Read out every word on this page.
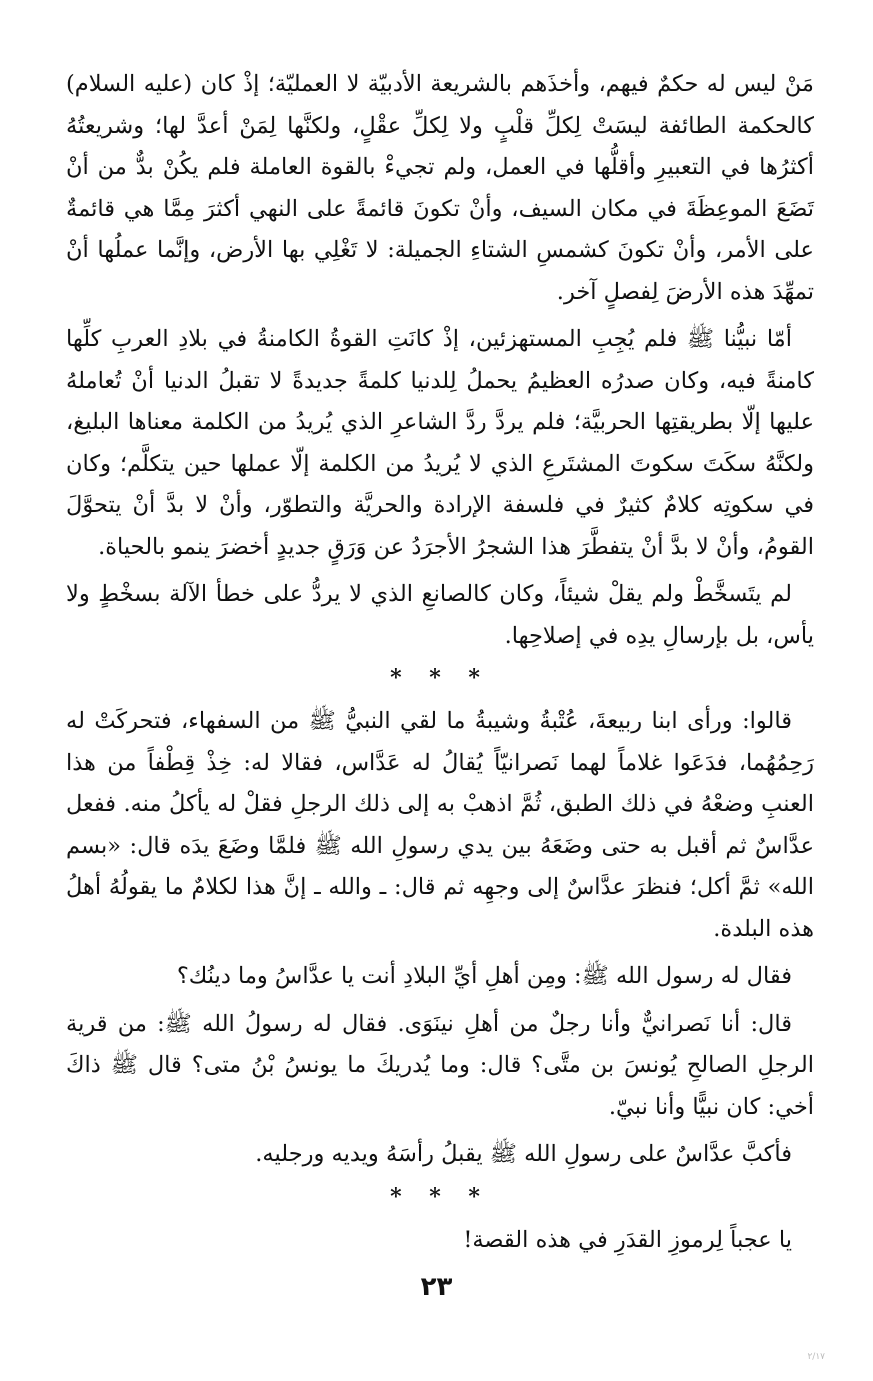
مَنْ ليس له حكمٌ فيهم، وأخذَهم بالشريعة الأدبيّة لا العمليّة؛ إذْ كان (عليه السلام) كالحكمة الطائفة ليسَتْ لِكلِّ قلْبٍ ولا لِكلِّ عقْلٍ، ولكنَّها لِمَنْ أعدَّ لها؛ وشريعتُهُ أكثرُها في التعبيرِ وأقلُّها في العمل، ولم تجيءْ بالقوة العاملة فلم يكُنْ بدٌّ من أنْ تَضَعَ الموعِظَةَ في مكان السيف، وأنْ تكونَ قائمةً على النهي أكثرَ مِمَّا هي قائمةٌ على الأمر، وأنْ تكونَ كشمسِ الشتاءِ الجميلة: لا تَغْلِي بها الأرض، وإنَّما عملُها أنْ تمهِّدَ هذه الأرضَ لِفصلٍ آخر.

أمّا نبيُّنا ﷺ فلم يُجِبِ المستهزئين، إذْ كانَتِ القوةُ الكامنةُ في بلادِ العربِ كلِّها كامنةً فيه، وكان صدرُه العظيمُ يحملُ لِلدنيا كلمةً جديدةً لا تقبلُ الدنيا أنْ تُعاملهُ عليها إلّا بطريقتِها الحربيَّة؛ فلم يردَّ ردَّ الشاعرِ الذي يُريدُ من الكلمة معناها البليغ، ولكنَّهُ سكَتَ سكوتَ المشتَرعِ الذي لا يُريدُ من الكلمة إلّا عملها حين يتكلَّم؛ وكان في سكوتِه كلامٌ كثيرٌ في فلسفة الإرادة والحريَّة والتطوّر، وأنْ لا بدَّ أنْ يتحوَّلَ القومُ، وأنْ لا بدَّ أنْ يتفطَّرَ هذا الشجرُ الأجرَدُ عن وَرَقٍ جديدٍ أخضرَ ينمو بالحياة.

لم يتَسخَّطْ ولم يقلْ شيئاً، وكان كالصانعِ الذي لا يردُّ على خطأ الآلة بسخْطٍ ولا يأس، بل بإرسالِ يدِه في إصلاحِها.

* * *

قالوا: ورأى ابنا ربيعةَ، عُتْبةُ وشيبةُ ما لقي النبيُّ ﷺ من السفهاء، فتحركَتْ له رَحِمُهُما، فدَعَوا غلاماً لهما نَصرانيّاً يُقالُ له عَدَّاس، فقالا له: خِذْ قِطْفاً من هذا العنبِ وضعْهُ في ذلك الطبق، ثُمَّ اذهبْ به إلى ذلك الرجلِ فقلْ له يأكلُ منه. ففعل عدَّاسٌ ثم أقبل به حتى وضَعَهُ بين يدي رسولِ الله ﷺ فلمَّا وضَعَ يدَه قال: «بسم الله» ثمَّ أكل؛ فنظرَ عدَّاسٌ إلى وجهِه ثم قال: ـ والله ـ إنَّ هذا لكلامٌ ما يقولُهُ أهلُ هذه البلدة.

فقال له رسول الله ﷺ: ومِن أهلِ أيِّ البلادِ أنت يا عدَّاسُ وما دينُك؟

قال: أنا نَصرانيٌّ وأنا رجلٌ من أهلِ نينَوَى. فقال له رسولُ الله ﷺ: من قرية الرجلِ الصالحِ يُونسَ بن متَّى؟ قال: وما يُدريكَ ما يونسُ بْنُ متى؟ قال ﷺ ذاكَ أخي: كان نبيًّا وأنا نبيّ.

فأكبَّ عدَّاسٌ على رسولِ الله ﷺ يقبلُ رأسَهُ ويديه ورجليه.

* * *

يا عجباً لِرموزِ القدَرِ في هذه القصة!

٢٣
٢/١٧
